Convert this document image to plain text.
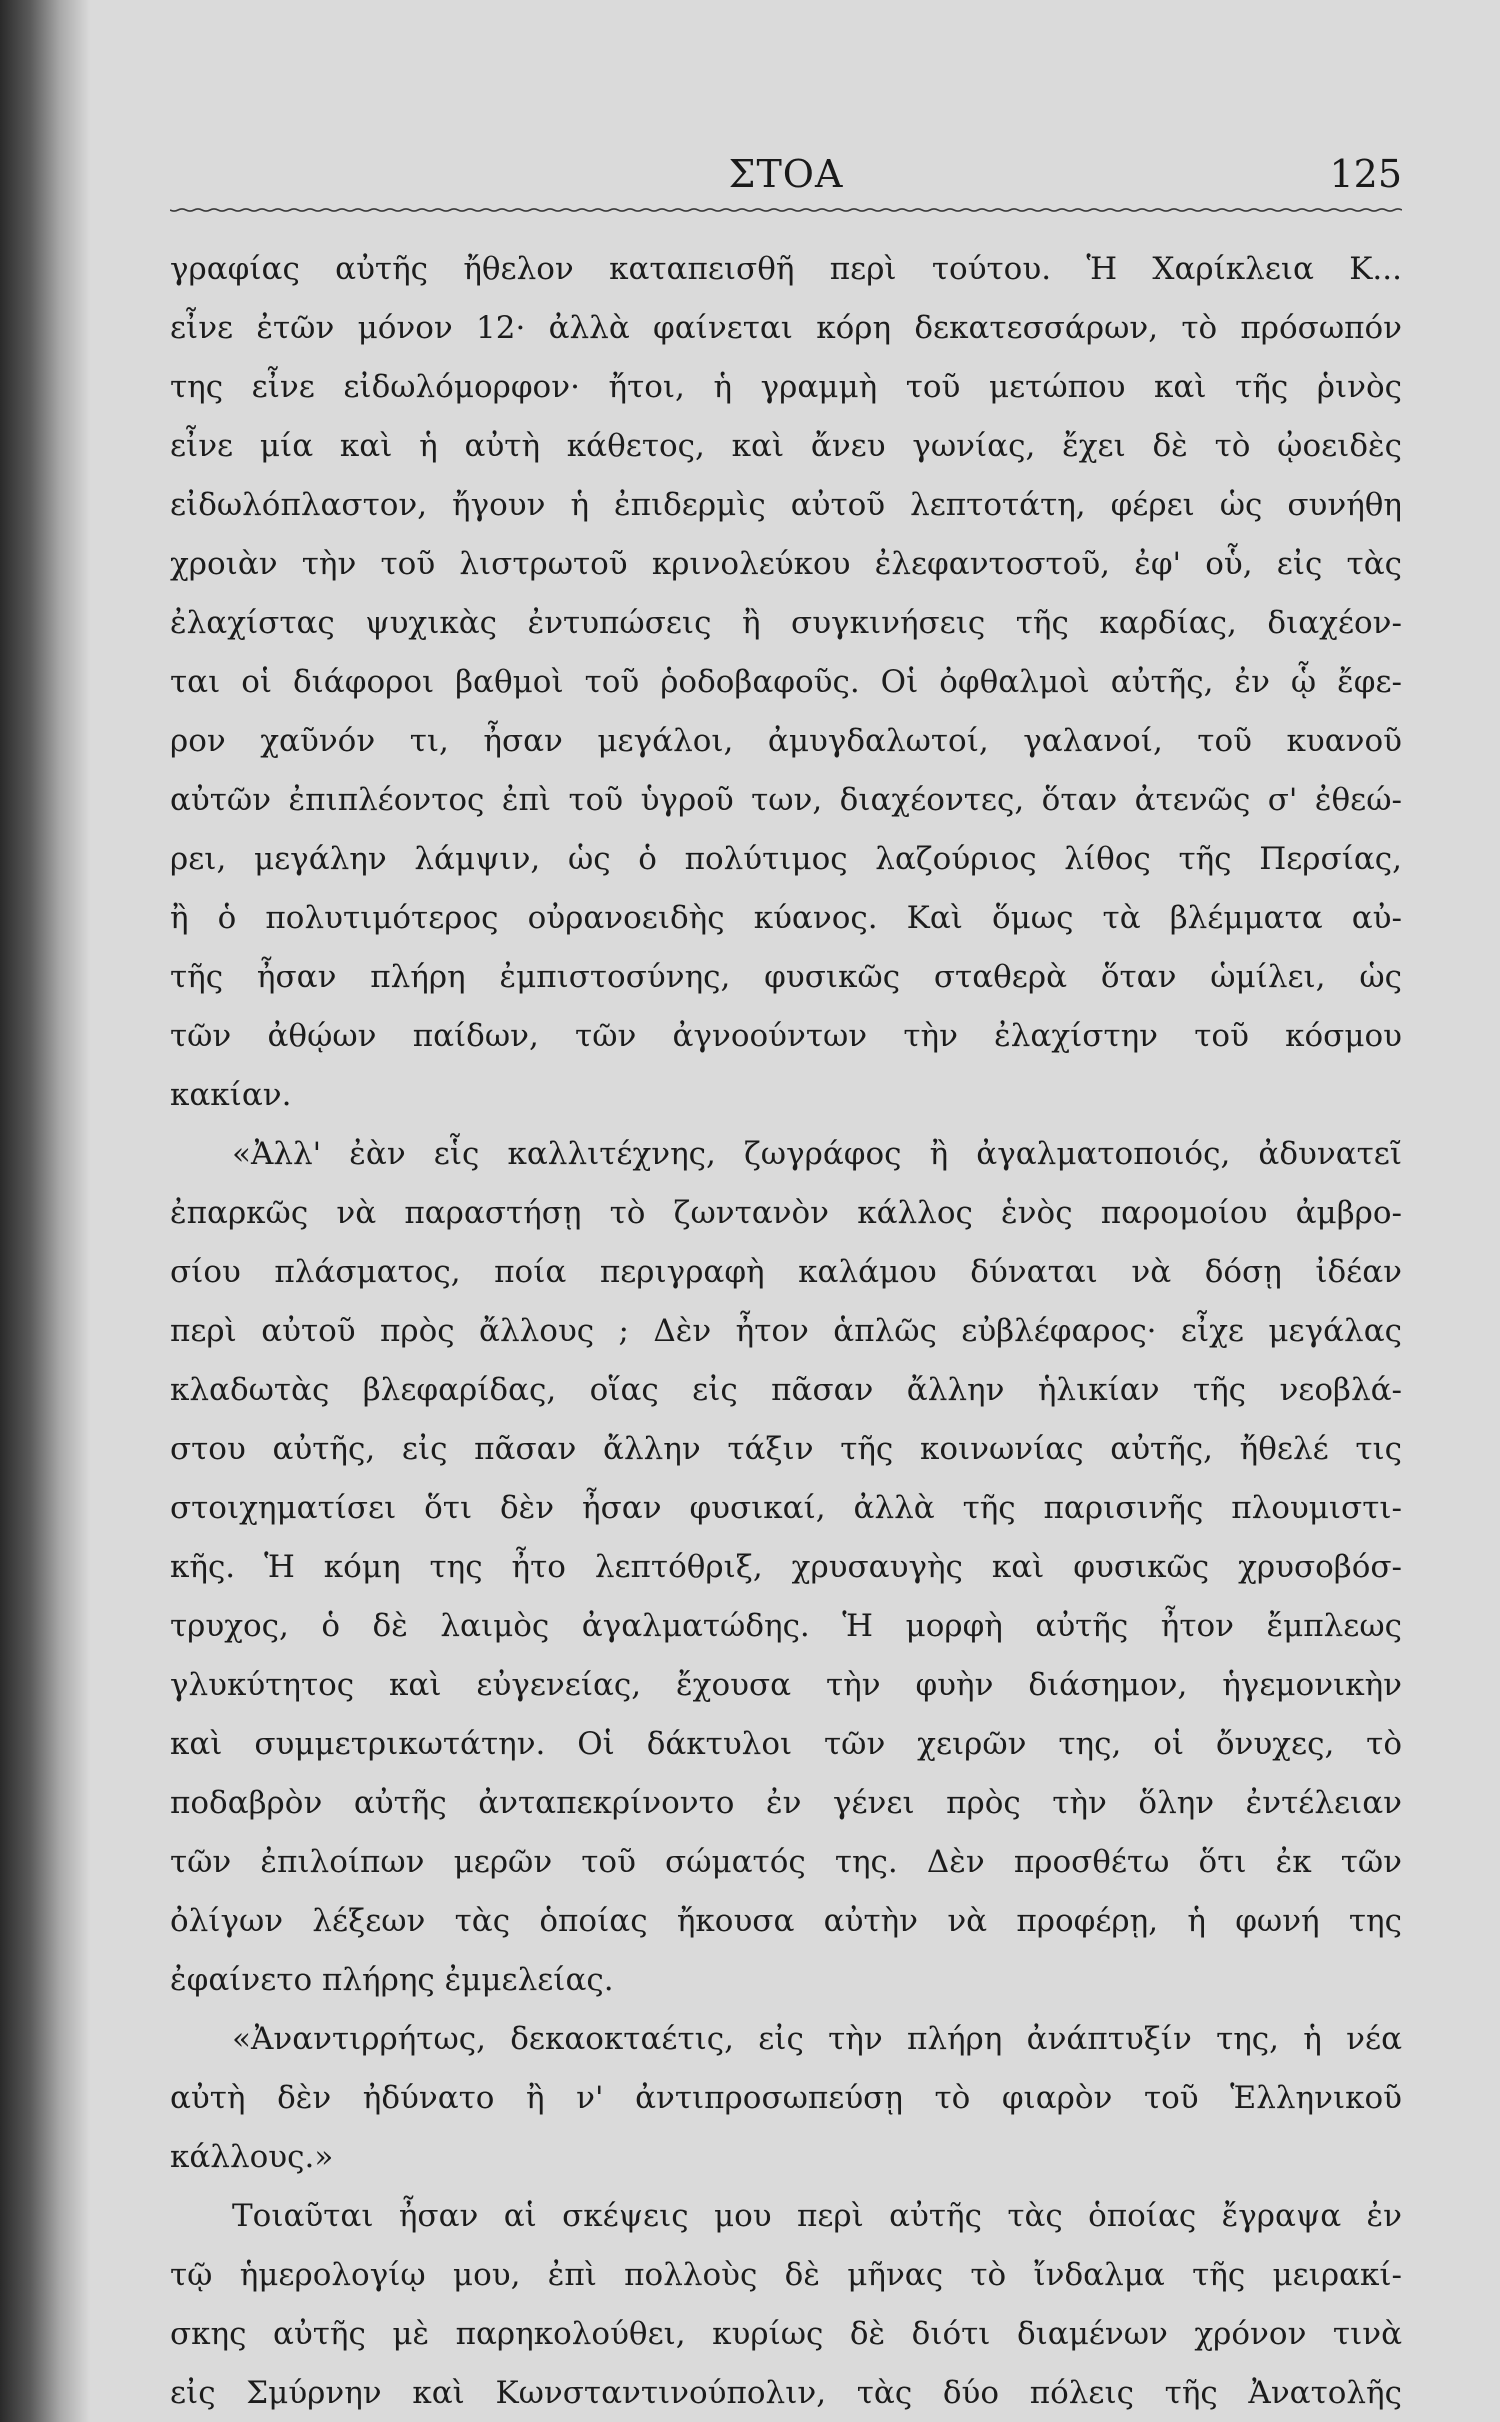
ΣΤΟΑ	125
γραφίας αὐτῆς ἤθελον καταπεισθῆ περὶ τούτου. Ἡ Χαρίκλεια Κ...
εἶνε ἐτῶν μόνον 12· ἀλλὰ φαίνεται κόρη δεκατεσσάρων, τὸ πρόσωπόν
της εἶνε εἰδωλόμορφον· ἤτοι, ἡ γραμμὴ τοῦ μετώπου καὶ τῆς ῥινὸς
εἶνε μία καὶ ἡ αὐτὴ κάθετος, καὶ ἄνευ γωνίας, ἔχει δὲ τὸ ᾠοειδὲς
εἰδωλόπλαστον, ἤγουν ἡ ἐπιδερμὶς αὐτοῦ λεπτοτάτη, φέρει ὡς συνήθη
χροιὰν τὴν τοῦ λιστρωτοῦ κρινολεύκου ἐλεφαντοστοῦ, ἐφ' οὗ, εἰς τὰς
ἐλαχίστας ψυχικὰς ἐντυπώσεις ἢ συγκινήσεις τῆς καρδίας, διαχέον-
ται οἱ διάφοροι βαθμοὶ τοῦ ῥοδοβαφοῦς. Οἱ ὀφθαλμοὶ αὐτῆς, ἐν ᾧ ἔφε-
ρον χαῦνόν τι, ἦσαν μεγάλοι, ἀμυγδαλωτοί, γαλανοί, τοῦ κυανοῦ
αὐτῶν ἐπιπλέοντος ἐπὶ τοῦ ὑγροῦ των, διαχέοντες, ὅταν ἀτενῶς σ' ἐθεώ-
ρει, μεγάλην λάμψιν, ὡς ὁ πολύτιμος λαζούριος λίθος τῆς Περσίας,
ἢ ὁ πολυτιμότερος οὐρανοειδὴς κύανος. Καὶ ὅμως τὰ βλέμματα αὐ-
τῆς ἦσαν πλήρη ἐμπιστοσύνης, φυσικῶς σταθερὰ ὅταν ὡμίλει, ὡς
τῶν ἀθῴων παίδων, τῶν ἀγνοούντων τὴν ἐλαχίστην τοῦ κόσμου
κακίαν.
«Ἀλλ' ἐὰν εἷς καλλιτέχνης, ζωγράφος ἢ ἀγαλματοποιός, ἀδυνατεῖ
ἐπαρκῶς νὰ παραστήσῃ τὸ ζωντανὸν κάλλος ἑνὸς παρομοίου ἀμβρο-
σίου πλάσματος, ποία περιγραφὴ καλάμου δύναται νὰ δόσῃ ἰδέαν
περὶ αὐτοῦ πρὸς ἄλλους ; Δὲν ἦτον ἁπλῶς εὐβλέφαρος· εἶχε μεγάλας
κλαδωτὰς βλεφαρίδας, οἵας εἰς πᾶσαν ἄλλην ἡλικίαν τῆς νεοβλά-
στου αὐτῆς, εἰς πᾶσαν ἄλλην τάξιν τῆς κοινωνίας αὐτῆς, ἤθελέ τις
στοιχηματίσει ὅτι δὲν ἦσαν φυσικαί, ἀλλὰ τῆς παρισινῆς πλουμιστι-
κῆς. Ἡ κόμη της ἦτο λεπτόθριξ, χρυσαυγὴς καὶ φυσικῶς χρυσοβόσ-
τρυχος, ὁ δὲ λαιμὸς ἀγαλματώδης. Ἡ μορφὴ αὐτῆς ἦτον ἔμπλεως
γλυκύτητος καὶ εὐγενείας, ἔχουσα τὴν φυὴν διάσημον, ἡγεμονικὴν
καὶ συμμετρικωτάτην. Οἱ δάκτυλοι τῶν χειρῶν της, οἱ ὄνυχες, τὸ
ποδαβρὸν αὐτῆς ἀνταπεκρίνοντο ἐν γένει πρὸς τὴν ὅλην ἐντέλειαν
τῶν ἐπιλοίπων μερῶν τοῦ σώματός της. Δὲν προσθέτω ὅτι ἐκ τῶν
ὀλίγων λέξεων τὰς ὁποίας ἤκουσα αὐτὴν νὰ προφέρῃ, ἡ φωνή της
ἐφαίνετο πλήρης ἐμμελείας.
«Ἀναντιρρήτως, δεκαοκταέτις, εἰς τὴν πλήρη ἀνάπτυξίν της, ἡ νέα
αὐτὴ δὲν ἠδύνατο ἢ ν' ἀντιπροσωπεύσῃ τὸ φιαρὸν τοῦ Ἑλληνικοῦ
κάλλους.»
Τοιαῦται ἦσαν αἱ σκέψεις μου περὶ αὐτῆς τὰς ὁποίας ἔγραψα ἐν
τῷ ἡμερολογίῳ μου, ἐπὶ πολλοὺς δὲ μῆνας τὸ ἴνδαλμα τῆς μειρακί-
σκης αὐτῆς μὲ παρηκολούθει, κυρίως δὲ διότι διαμένων χρόνον τινὰ
εἰς Σμύρνην καὶ Κωνσταντινούπολιν, τὰς δύο πόλεις τῆς Ἀνατολῆς
